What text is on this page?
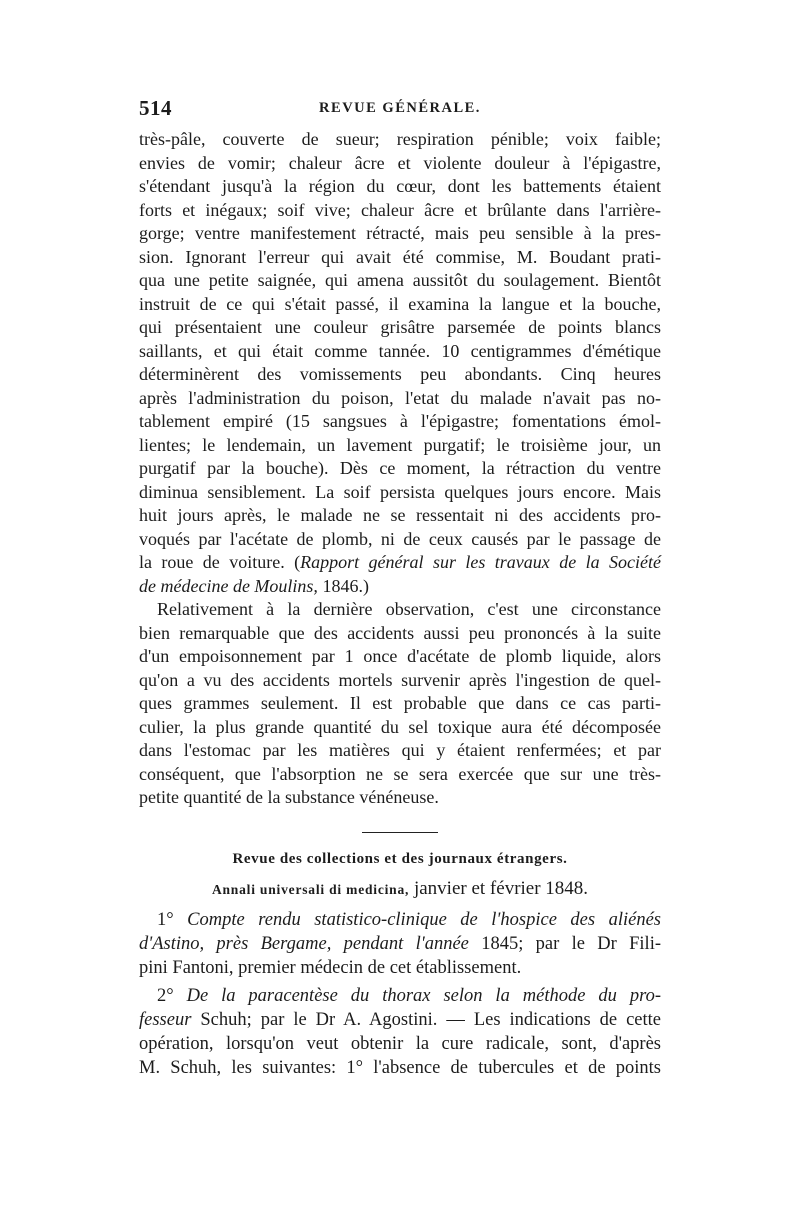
514	REVUE GÉNÉRALE.
très-pâle, couverte de sueur; respiration pénible; voix faible;
envies de vomir; chaleur âcre et violente douleur à l'épigastre,
s'étendant jusqu'à la région du cœur, dont les battements étaient
forts et inégaux; soif vive; chaleur âcre et brûlante dans l'arrière-
gorge; ventre manifestement rétracté, mais peu sensible à la pres-
sion. Ignorant l'erreur qui avait été commise, M. Boudant prati-
qua une petite saignée, qui amena aussitôt du soulagement. Bientôt
instruit de ce qui s'était passé, il examina la langue et la bouche,
qui présentaient une couleur grisâtre parsemée de points blancs
saillants, et qui était comme tannée. 10 centigrammes d'émétique
déterminèrent des vomissements peu abondants. Cinq heures
après l'administration du poison, l'etat du malade n'avait pas no-
tablement empiré (15 sangsues à l'épigastre; fomentations émol-
lientes; le lendemain, un lavement purgatif; le troisième jour, un
purgatif par la bouche). Dès ce moment, la rétraction du ventre
diminua sensiblement. La soif persista quelques jours encore. Mais
huit jours après, le malade ne se ressentait ni des accidents pro-
voqués par l'acétate de plomb, ni de ceux causés par le passage de
la roue de voiture. (Rapport général sur les travaux de la Société
de médecine de Moulins, 1846.)
Relativement à la dernière observation, c'est une circonstance
bien remarquable que des accidents aussi peu prononcés à la suite
d'un empoisonnement par 1 once d'acétate de plomb liquide, alors
qu'on a vu des accidents mortels survenir après l'ingestion de quel-
ques grammes seulement. Il est probable que dans ce cas parti-
culier, la plus grande quantité du sel toxique aura été décomposée
dans l'estomac par les matières qui y étaient renfermées; et par
conséquent, que l'absorption ne se sera exercée que sur une très-
petite quantité de la substance vénéneuse.
Revue des collections et des journaux étrangers.
Annali universali di medicina, janvier et février 1848.
1° Compte rendu statistico-clinique de l'hospice des aliénés
d'Astino, près Bergame, pendant l'année 1845; par le Dr Fili-
pini Fantoni, premier médecin de cet établissement.
2° De la paracentèse du thorax selon la méthode du pro-
fesseur Schuh; par le Dr A. Agostini. — Les indications de cette
opération, lorsqu'on veut obtenir la cure radicale, sont, d'après
M. Schuh, les suivantes: 1° l'absence de tubercules et de points
